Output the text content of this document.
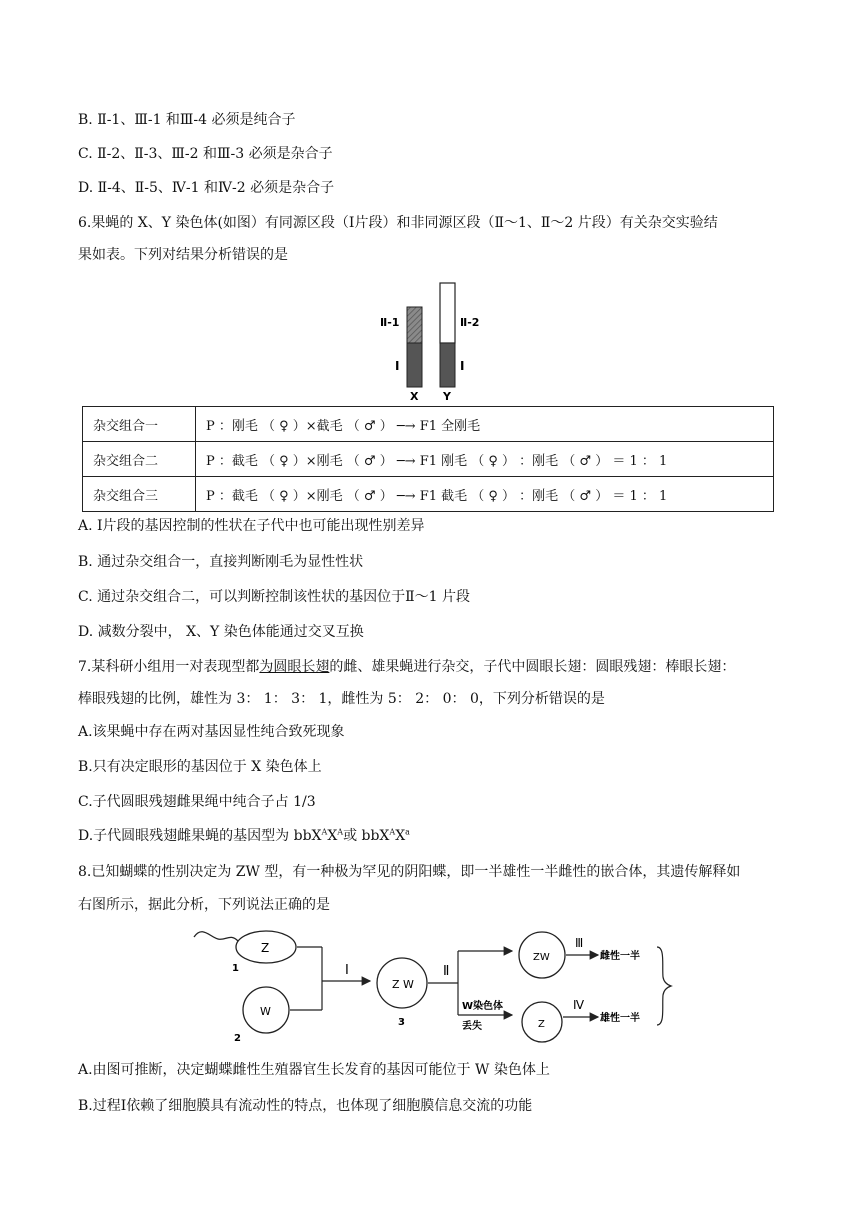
B. Ⅱ-1、Ⅲ-1 和Ⅲ-4 必须是纯合子
C. Ⅱ-2、Ⅱ-3、Ⅲ-2 和Ⅲ-3 必须是杂合子
D. Ⅱ-4、Ⅱ-5、Ⅳ-1 和Ⅳ-2 必须是杂合子
6.果蝇的 X、Y 染色体(如图）有同源区段（Ⅰ片段）和非同源区段（Ⅱ～1、Ⅱ～2 片段）有关杂交实验结
果如表。下列对结果分析错误的是
Ⅱ-1	Ⅱ-2
Ⅰ	Ⅰ
X Y
杂交组合一	P ：刚毛 （ ♀ ）×截毛 （ ♂ ） ─→ F1 全刚毛
杂交组合二	P ：截毛 （ ♀ ）×刚毛 （ ♂ ） ─→ F1 刚毛 （ ♀ ） ：刚毛 （ ♂ ） ＝ 1 ： 1
杂交组合三	P ：截毛 （ ♀ ）×刚毛 （ ♂ ） ─→ F1 截毛 （ ♀ ） ：刚毛 （ ♂ ） ＝ 1 ： 1
A. Ⅰ片段的基因控制的性状在子代中也可能出现性别差异
B. 通过杂交组合一，直接判断刚毛为显性性状
C. 通过杂交组合二，可以判断控制该性状的基因位于Ⅱ～1 片段
D. 减数分裂中， X、Y 染色体能通过交叉互换
7.某科研小组用一对表现型都为圆眼长翅的雌、雄果蝇进行杂交，子代中圆眼长翅：圆眼残翅：棒眼长翅：
棒眼残翅的比例，雄性为 3： 1： 3： 1，雌性为 5： 2： 0： 0，下列分析错误的是
A.该果蝇中存在两对基因显性纯合致死现象
B.只有决定眼形的基因位于 X 染色体上
C.子代圆眼残翅雌果绳中纯合子占 1/3
D.子代圆眼残翅雌果蝇的基因型为 $bbX^AX^A$或 $bbX^AX^a$
8.已知蝴蝶的性别决定为 ZW 型，有一种极为罕见的阴阳蝶，即一半雄性一半雌性的嵌合体，其遗传解释如
右图所示，据此分析，下列说法正确的是
Z
1
W
2
Ⅰ
Z W
3
Ⅱ
W染色体
丢失
ZW
Z
Ⅲ
Ⅳ
雌性一半
雄性一半
A.由图可推断，决定蝴蝶雌性生殖器官生长发育的基因可能位于 W 染色体上
B.过程Ⅰ依赖了细胞膜具有流动性的特点，也体现了细胞膜信息交流的功能
